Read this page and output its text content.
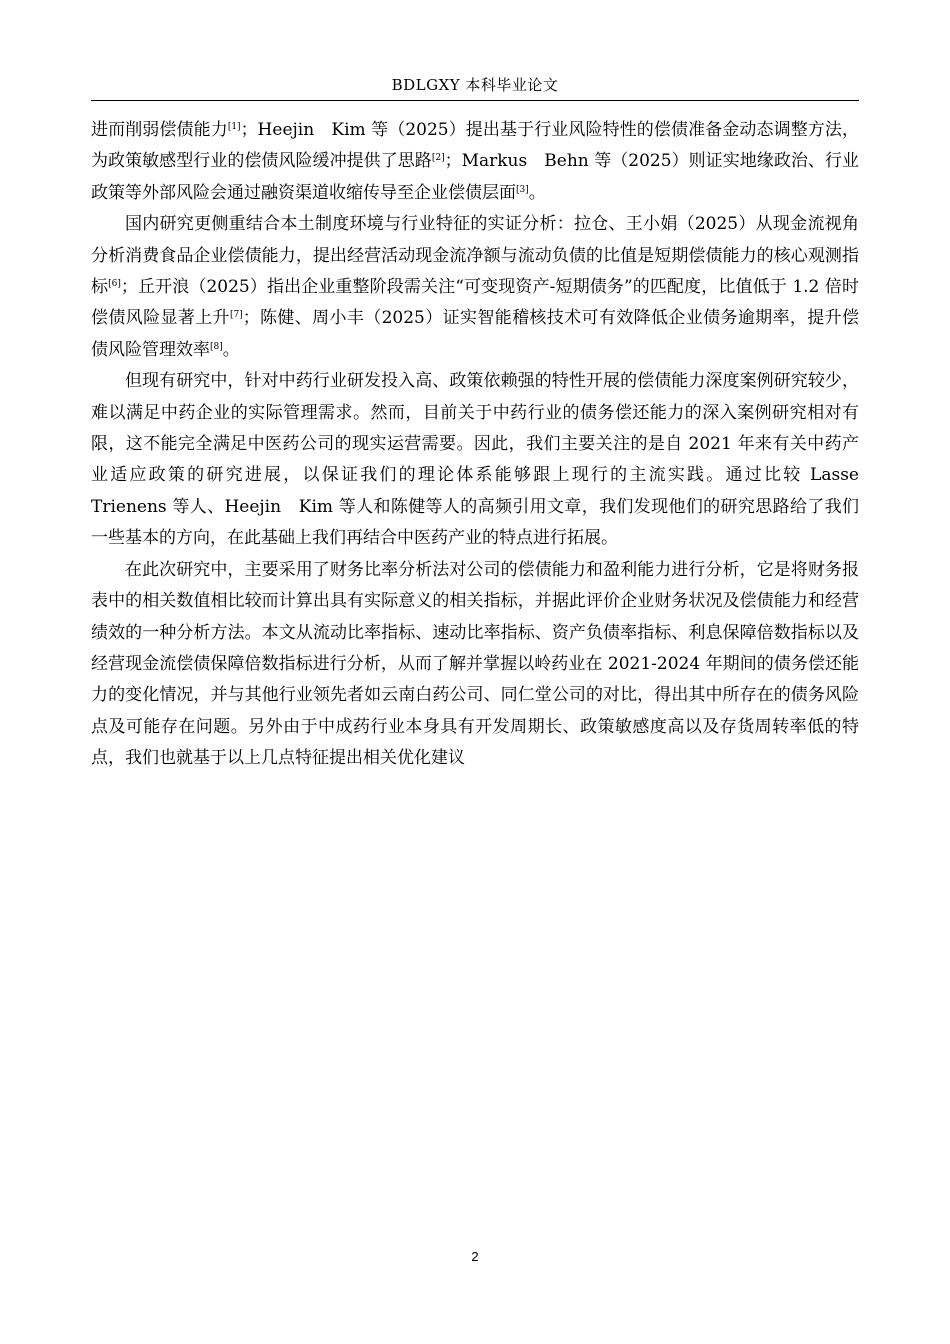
BDLGXY 本科毕业论文

进而削弱偿债能力[1]；Heejin　Kim 等（2025）提出基于行业风险特性的偿债准备金动态调整方法，为政策敏感型行业的偿债风险缓冲提供了思路[2]；Markus　Behn 等（2025）则证实地缘政治、行业政策等外部风险会通过融资渠道收缩传导至企业偿债层面[3]。

国内研究更侧重结合本土制度环境与行业特征的实证分析：拉仓、王小娟（2025）从现金流视角分析消费食品企业偿债能力，提出经营活动现金流净额与流动负债的比值是短期偿债能力的核心观测指标[6]；丘开浪（2025）指出企业重整阶段需关注“可变现资产-短期债务”的匹配度，比值低于 1.2 倍时偿债风险显著上升[7]；陈健、周小丰（2025）证实智能稽核技术可有效降低企业债务逾期率，提升偿债风险管理效率[8]。

但现有研究中，针对中药行业研发投入高、政策依赖强的特性开展的偿债能力深度案例研究较少，难以满足中药企业的实际管理需求。然而，目前关于中药行业的债务偿还能力的深入案例研究相对有限，这不能完全满足中医药公司的现实运营需要。因此，我们主要关注的是自 2021 年来有关中药产业适应政策的研究进展，以保证我们的理论体系能够跟上现行的主流实践。通过比较 Lasse　Trienens 等人、Heejin　Kim 等人和陈健等人的高频引用文章，我们发现他们的研究思路给了我们一些基本的方向，在此基础上我们再结合中医药产业的特点进行拓展。

在此次研究中，主要采用了财务比率分析法对公司的偿债能力和盈利能力进行分析，它是将财务报表中的相关数值相比较而计算出具有实际意义的相关指标，并据此评价企业财务状况及偿债能力和经营绩效的一种分析方法。本文从流动比率指标、速动比率指标、资产负债率指标、利息保障倍数指标以及经营现金流偿债保障倍数指标进行分析，从而了解并掌握以岭药业在 2021-2024 年期间的债务偿还能力的变化情况，并与其他行业领先者如云南白药公司、同仁堂公司的对比，得出其中所存在的债务风险点及可能存在问题。另外由于中成药行业本身具有开发周期长、政策敏感度高以及存货周转率低的特点，我们也就基于以上几点特征提出相关优化建议

2
